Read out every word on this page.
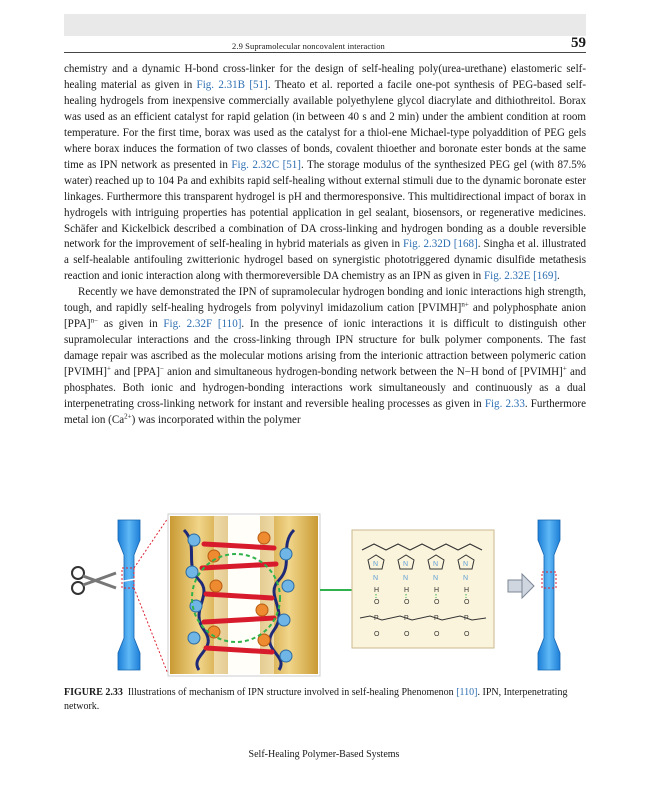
2.9 Supramolecular noncovalent interaction	59

chemistry and a dynamic H-bond cross-linker for the design of self-healing poly(urea-urethane) elastomeric self-healing material as given in Fig. 2.31B [51]. Theato et al. reported a facile one-pot synthesis of PEG-based self-healing hydrogels from inexpensive commercially available polyethylene glycol diacrylate and dithiothreitol. Borax was used as an efficient catalyst for rapid gelation (in between 40 s and 2 min) under the ambient condition at room temperature. For the first time, borax was used as the catalyst for a thiol-ene Michael-type polyaddition of PEG gels where borax induces the formation of two classes of bonds, covalent thioether and boronate ester bonds at the same time as IPN network as presented in Fig. 2.32C [51]. The storage modulus of the synthesized PEG gel (with 87.5% water) reached up to 104 Pa and exhibits rapid self-healing without external stimuli due to the dynamic boronate ester linkages. Furthermore this transparent hydrogel is pH and thermoresponsive. This multidirectional impact of borax in hydrogels with intriguing properties has potential application in gel sealant, biosensors, or regenerative medicines. Schäfer and Kickelbick described a combination of DA cross-linking and hydrogen bonding as a double reversible network for the improvement of self-healing in hybrid materials as given in Fig. 2.32D [168]. Singha et al. illustrated a self-healable antifouling zwitterionic hydrogel based on synergistic phototriggered dynamic disulfide metathesis reaction and ionic interaction along with thermoreversible DA chemistry as an IPN as given in Fig. 2.32E [169].

Recently we have demonstrated the IPN of supramolecular hydrogen bonding and ionic interactions high strength, tough, and rapidly self-healing hydrogels from polyvinyl imidazolium cation [PVIMH]$^{n+}$ and polyphosphate anion [PPA]$^{n-}$ as given in Fig. 2.32F [110]. In the presence of ionic interactions it is difficult to distinguish other supramolecular interactions and the cross-linking through IPN structure for bulk polymer components. The fast damage repair was ascribed as the molecular motions arising from the interionic attraction between polymeric cation [PVIMH]+ and [PPA]− anion and simultaneous hydrogen-bonding network between the N−H bond of [PVIMH]+ and phosphates. Both ionic and hydrogen-bonding interactions work simultaneously and continuously as a dual interpenetrating cross-linking network for instant and reversible healing processes as given in Fig. 2.33. Furthermore metal ion $(Ca^{2+})$ was incorporated within the polymer

N	N	N	N
N	N	N	N
H	H	H	H
O	O	O	O
P	P	P	P
O	O	O	O
FIGURE 2.33 Illustrations of mechanism of IPN structure involved in self-healing Phenomenon [110]. IPN, Interpenetrating network.
Self-Healing Polymer-Based Systems
